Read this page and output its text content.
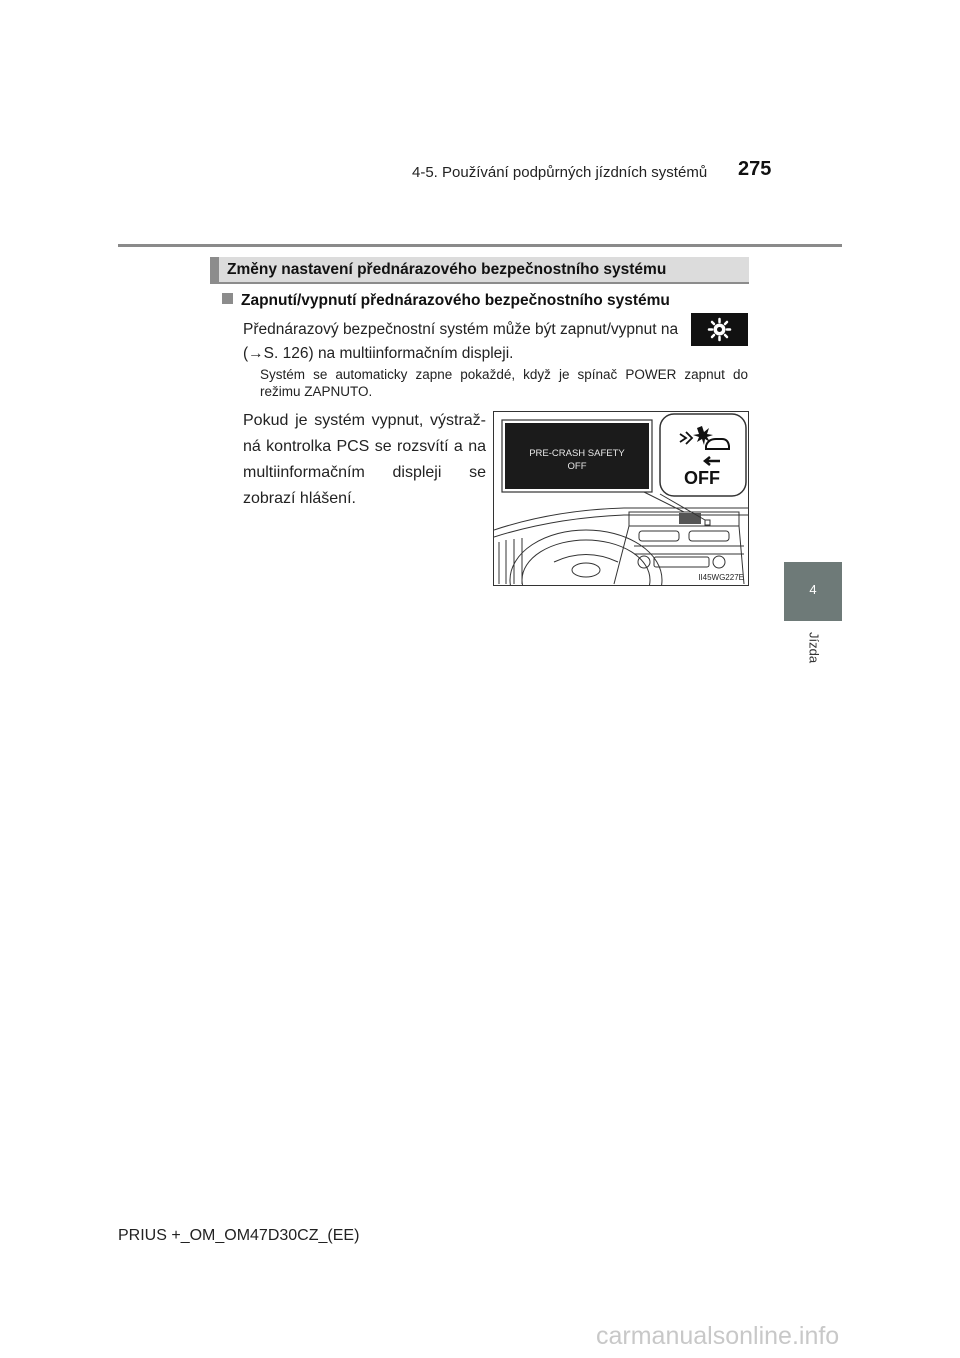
4-5. Používání podpůrných jízdních systémů 275
Změny nastavení přednárazového bezpečnostního systému
Zapnutí/vypnutí přednárazového bezpečnostního systému
Přednárazový bezpečnostní systém může být zapnut/vypnut na
(→S. 126) na multiinformačním displeji.
Systém se automaticky zapne pokaždé, když je spínač POWER zapnut do režimu ZAPNUTO.
Pokud je systém vypnut, výstraž-ná kontrolka PCS se rozsvítí a na multiinformačním displeji se zobrazí hlášení.
PRE-CRASH SAFETY
OFF
OFF
II45WG227E
4
Jízda
PRIUS +_OM_OM47D30CZ_(EE)
carmanualsonline.info
